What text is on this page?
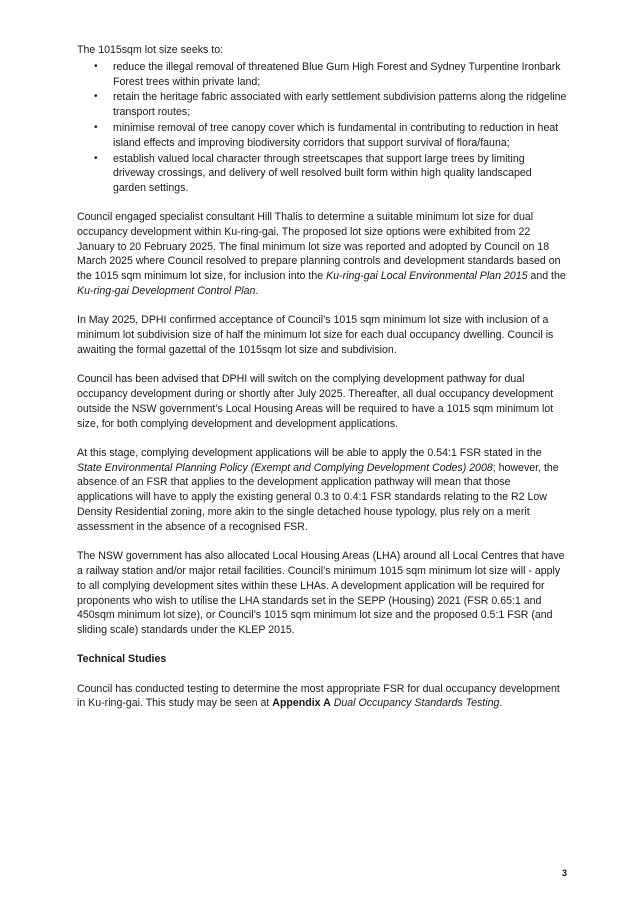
The 1015sqm lot size seeks to:

• reduce the illegal removal of threatened Blue Gum High Forest and Sydney Turpentine Ironbark Forest trees within private land;
• retain the heritage fabric associated with early settlement subdivision patterns along the ridgeline transport routes;
• minimise removal of tree canopy cover which is fundamental in contributing to reduction in heat island effects and improving biodiversity corridors that support survival of flora/fauna;
• establish valued local character through streetscapes that support large trees by limiting driveway crossings, and delivery of well resolved built form within high quality landscaped garden settings.

Council engaged specialist consultant Hill Thalis to determine a suitable minimum lot size for dual occupancy development within Ku-ring-gai. The proposed lot size options were exhibited from 22 January to 20 February 2025. The final minimum lot size was reported and adopted by Council on 18 March 2025 where Council resolved to prepare planning controls and development standards based on the 1015 sqm minimum lot size, for inclusion into the Ku-ring-gai Local Environmental Plan 2015 and the Ku-ring-gai Development Control Plan.

In May 2025, DPHI confirmed acceptance of Council’s 1015 sqm minimum lot size with inclusion of a minimum lot subdivision size of half the minimum lot size for each dual occupancy dwelling. Council is awaiting the formal gazettal of the 1015sqm lot size and subdivision.

Council has been advised that DPHI will switch on the complying development pathway for dual occupancy development during or shortly after July 2025. Thereafter, all dual occupancy development outside the NSW government’s Local Housing Areas will be required to have a 1015 sqm minimum lot size, for both complying development and development applications.

At this stage, complying development applications will be able to apply the 0.54:1 FSR stated in the State Environmental Planning Policy (Exempt and Complying Development Codes) 2008; however, the absence of an FSR that applies to the development application pathway will mean that those applications will have to apply the existing general 0.3 to 0.4:1 FSR standards relating to the R2 Low Density Residential zoning, more akin to the single detached house typology, plus rely on a merit assessment in the absence of a recognised FSR.

The NSW government has also allocated Local Housing Areas (LHA) around all Local Centres that have a railway station and/or major retail facilities. Council’s minimum 1015 sqm minimum lot size will - apply to all complying development sites within these LHAs. A development application will be required for proponents who wish to utilise the LHA standards set in the SEPP (Housing) 2021 (FSR 0.65:1 and 450sqm minimum lot size), or Council’s 1015 sqm minimum lot size and the proposed 0.5:1 FSR (and sliding scale) standards under the KLEP 2015.

Technical Studies

Council has conducted testing to determine the most appropriate FSR for dual occupancy development in Ku-ring-gai. This study may be seen at Appendix A Dual Occupancy Standards Testing.

3
